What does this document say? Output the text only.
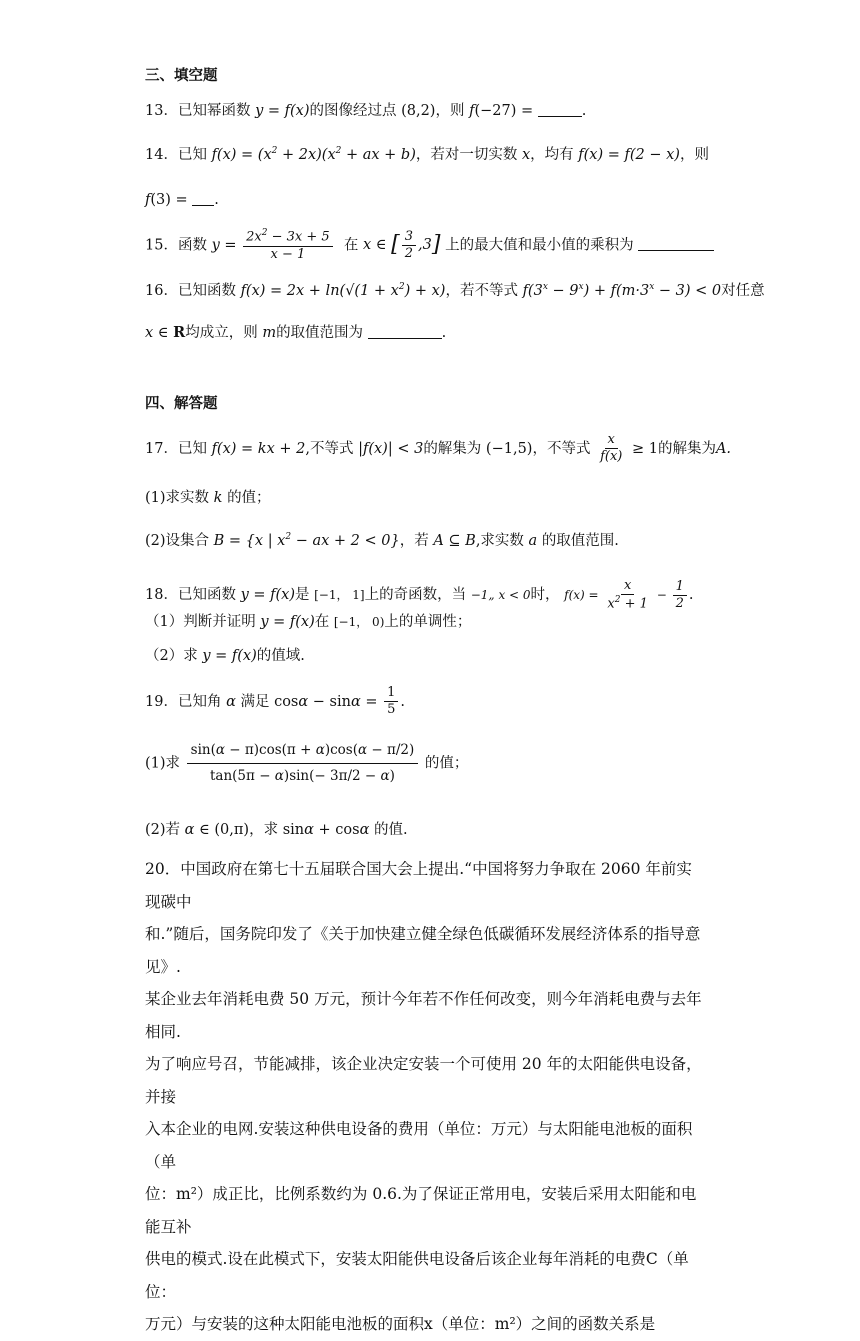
三、填空题
13．已知幂函数 y = f(x)的图像经过点 (8,2)，则 f(−27) =	.
14．已知 $f(x) = (x^2 + 2x)(x^2$ + ax + b)，若对一切实数 x，均有 f(x) = f(2 − x)，则
f(3) = .
15．函数 $y = \frac{2x^2 - 3x + 5}{x - 1}$ 在 x ∈ [ $\frac{3}{2} ,3$] 上的最大值和最小值的乘积为
16．已知函数 $f(x) = 2x + \ln(√(1 + x^2) + x)$，若不等式 $f(3^x - 9^x) + f(m\cdot 3^x - 3) < 0$对任意
x ∈ R均成立，则 m的取值范围为	.
四、解答题
17．已知 f(x) = kx + 2,不等式 |f(x)| < 3的解集为 (−1,5)，不等式 $\frac{x}{f(x)} \ge 1$的解集为A.
(1)求实数 k 的值；
(2)设集合 B = {x | $x^2$ − ax + 2 < 0}，若 A ⊆ B,求实数 a 的取值范围.
18．已知函数 y = f(x)是 [−1， 1]上的奇函数，当 −1„ x < 0时， $f(x) = \frac{x}{x^2 + 1} - \frac{1}{2}$ .
（1）判断并证明 y = f(x)在 [−1， 0)上的单调性；
（2）求 y = f(x)的值域.
19．已知角 α 满足 $\cos\alpha - \sin\alpha = \frac{1}{5}$ .
(1)求 $\frac{\sin(\alpha - \pi)\cos(\pi + \alpha)\cos(\alpha - \pi/2)}{\tan(5\pi - \alpha)\sin(- 3\pi/2 - \alpha)}$ 的值；
(2)若 α ∈ (0,π)，求 sinα + cosα 的值.
20．中国政府在第七十五届联合国大会上提出.“中国将努力争取在 2060 年前实现碳中
和.”随后，国务院印发了《关于加快建立健全绿色低碳循环发展经济体系的指导意见》.
某企业去年消耗电费 50 万元，预计今年若不作任何改变，则今年消耗电费与去年相同.
为了响应号召，节能减排，该企业决定安装一个可使用 20 年的太阳能供电设备，并接
入本企业的电网.安装这种供电设备的费用（单位：万元）与太阳能电池板的面积（单
位：m²）成正比，比例系数约为 0.6.为了保证正常用电，安装后采用太阳能和电能互补
供电的模式.设在此模式下，安装太阳能供电设备后该企业每年消耗的电费C（单位：
万元）与安装的这种太阳能电池板的面积x（单位：m²）之间的函数关系是
